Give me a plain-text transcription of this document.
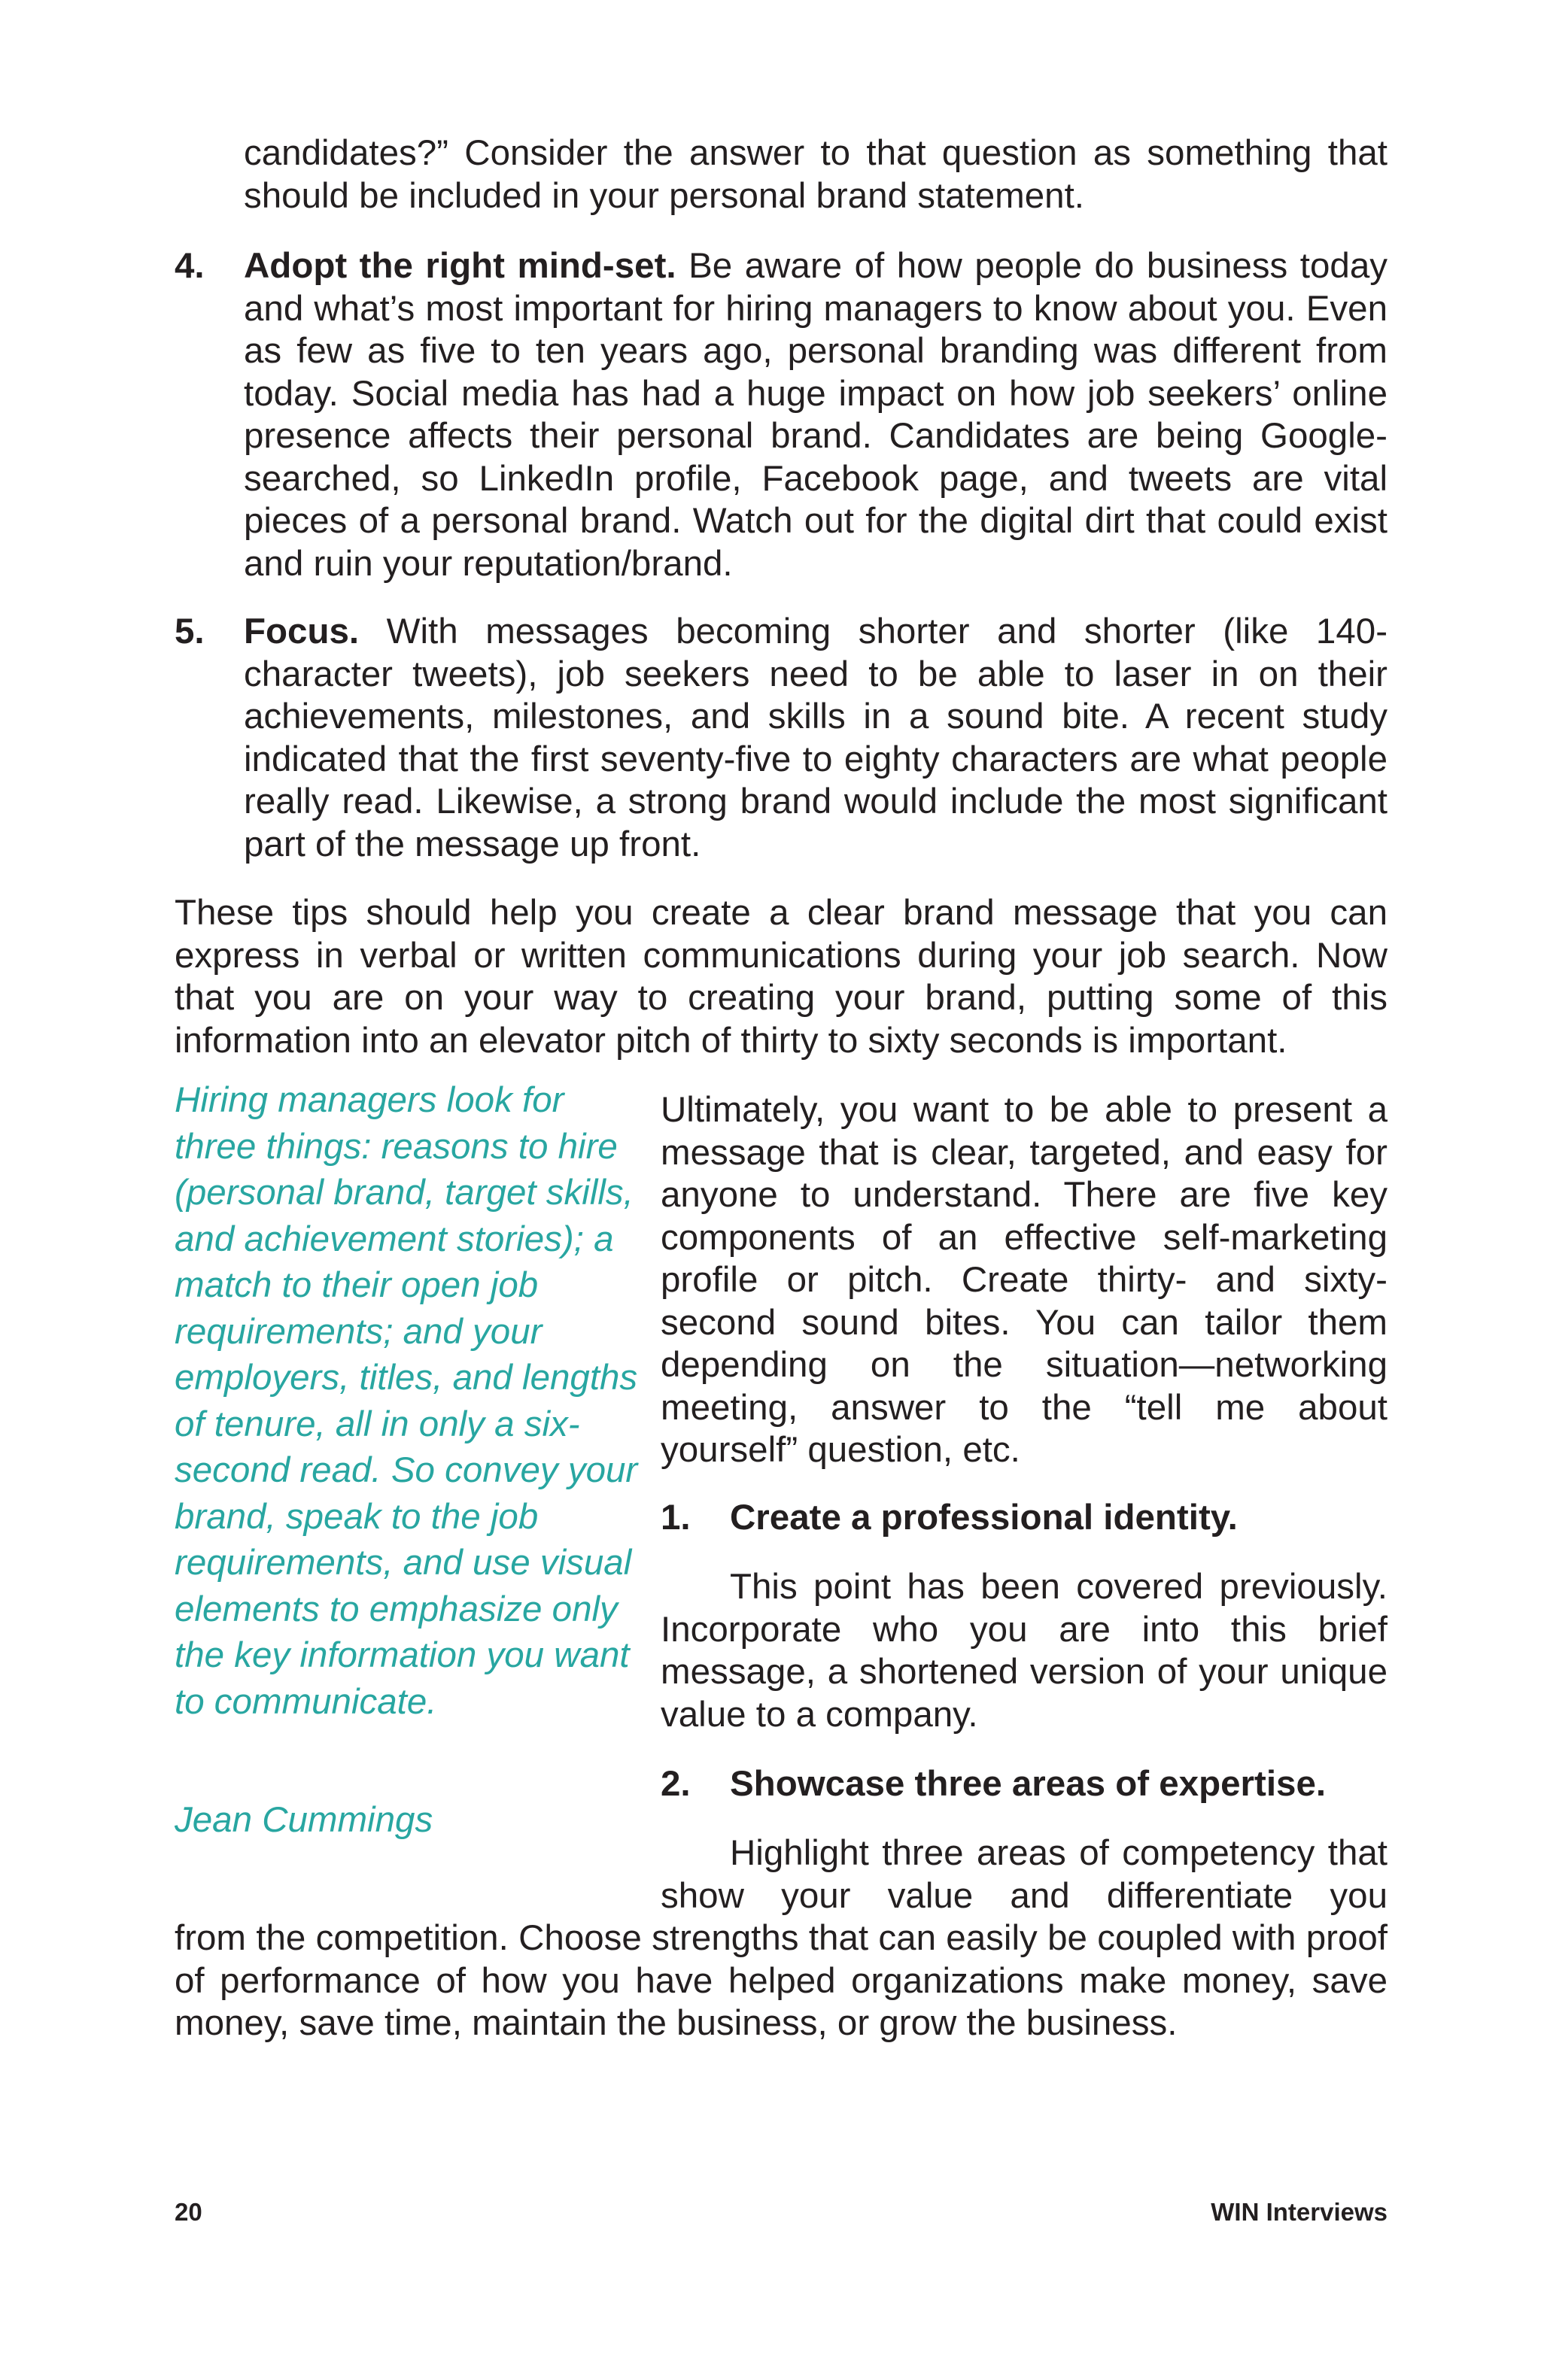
candidates?” Consider the answer to that question as something that should be included in your personal brand statement.

4. Adopt the right mind-set. Be aware of how people do business today and what’s most important for hiring managers to know about you. Even as few as five to ten years ago, personal branding was different from today. Social media has had a huge impact on how job seekers’ online presence affects their personal brand. Candidates are being Google-searched, so LinkedIn profile, Facebook page, and tweets are vital pieces of a personal brand. Watch out for the digital dirt that could exist and ruin your reputation/brand.

5. Focus. With messages becoming shorter and shorter (like 140-character tweets), job seekers need to be able to laser in on their achievements, milestones, and skills in a sound bite. A recent study indicated that the first seventy-five to eighty characters are what people really read. Likewise, a strong brand would include the most significant part of the message up front.

These tips should help you create a clear brand message that you can express in verbal or written communications during your job search. Now that you are on your way to creating your brand, putting some of this information into an elevator pitch of thirty to sixty seconds is important.

Hiring managers look for three things: reasons to hire (personal brand, target skills, and achievement stories); a match to their open job requirements; and your employers, titles, and lengths of tenure, all in only a six-second read. So convey your brand, speak to the job requirements, and use visual elements to emphasize only the key information you want to communicate.
Jean Cummings

Ultimately, you want to be able to present a message that is clear, targeted, and easy for anyone to understand. There are five key components of an effective self-marketing profile or pitch. Create thirty- and sixty-second sound bites. You can tailor them depending on the situation—networking meeting, answer to the “tell me about yourself” question, etc.

1. Create a professional identity.

This point has been covered previously. Incorporate who you are into this brief message, a shortened version of your unique value to a company.

2. Showcase three areas of expertise.

Highlight three areas of competency that show your value and differentiate you

from the competition. Choose strengths that can easily be coupled with proof of performance of how you have helped organizations make money, save money, save time, maintain the business, or grow the business.

20	WIN Interviews
